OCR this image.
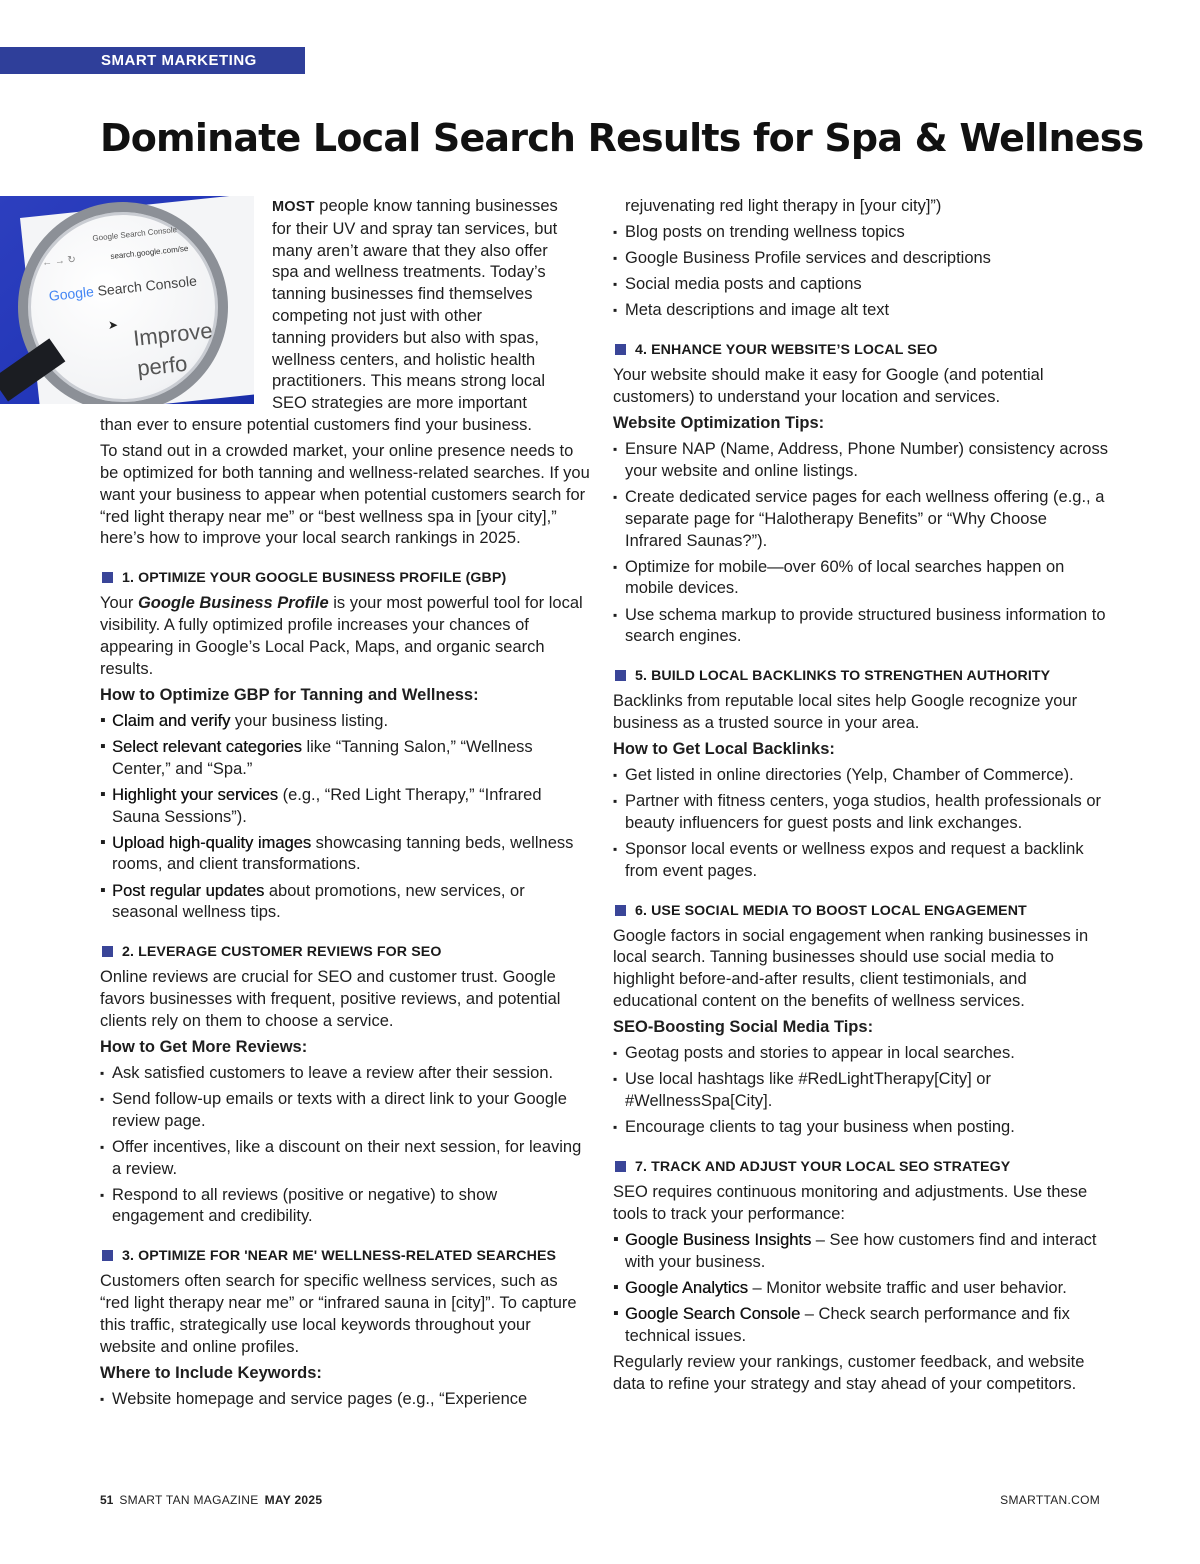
SMART MARKETING
Dominate Local Search Results for Spa & Wellness
Google Search Console
search.google.com/se
← → ↻
Google Search Console
➤ Improve
perfo
MOST people know tanning businesses
for their UV and spray tan services, but
many aren’t aware that they also offer
spa and wellness treatments. Today’s
tanning businesses find themselves
competing not just with other
tanning providers but also with spas,
wellness centers, and holistic health
practitioners. This means strong local
SEO strategies are more important
than ever to ensure potential customers find your business.
To stand out in a crowded market, your online presence needs to be optimized for both tanning and wellness-related searches. If you want your business to appear when potential customers search for “red light therapy near me” or “best wellness spa in [your city],” here’s how to improve your local search rankings in 2025.
1. OPTIMIZE YOUR GOOGLE BUSINESS PROFILE (GBP)
Your Google Business Profile is your most powerful tool for local visibility. A fully optimized profile increases your chances of appearing in Google’s Local Pack, Maps, and organic search results.
How to Optimize GBP for Tanning and Wellness:
▪ Claim and verify your business listing.
▪ Select relevant categories like “Tanning Salon,” “Wellness Center,” and “Spa.”
▪ Highlight your services (e.g., “Red Light Therapy,” “Infrared Sauna Sessions”).
▪ Upload high-quality images showcasing tanning beds, wellness rooms, and client transformations.
▪ Post regular updates about promotions, new services, or seasonal wellness tips.
2. LEVERAGE CUSTOMER REVIEWS FOR SEO
Online reviews are crucial for SEO and customer trust. Google favors businesses with frequent, positive reviews, and potential clients rely on them to choose a service.
How to Get More Reviews:
▪ Ask satisfied customers to leave a review after their session.
▪ Send follow-up emails or texts with a direct link to your Google review page.
▪ Offer incentives, like a discount on their next session, for leaving a review.
▪ Respond to all reviews (positive or negative) to show engagement and credibility.
3. OPTIMIZE FOR 'NEAR ME' WELLNESS-RELATED SEARCHES
Customers often search for specific wellness services, such as “red light therapy near me” or “infrared sauna in [city]”. To capture this traffic, strategically use local keywords throughout your website and online profiles.
Where to Include Keywords:
▪ Website homepage and service pages (e.g., “Experience
rejuvenating red light therapy in [your city]”)
▪ Blog posts on trending wellness topics
▪ Google Business Profile services and descriptions
▪ Social media posts and captions
▪ Meta descriptions and image alt text
4. ENHANCE YOUR WEBSITE’S LOCAL SEO
Your website should make it easy for Google (and potential customers) to understand your location and services.
Website Optimization Tips:
▪ Ensure NAP (Name, Address, Phone Number) consistency across your website and online listings.
▪ Create dedicated service pages for each wellness offering (e.g., a separate page for “Halotherapy Benefits” or “Why Choose Infrared Saunas?”).
▪ Optimize for mobile—over 60% of local searches happen on mobile devices.
▪ Use schema markup to provide structured business information to search engines.
5. BUILD LOCAL BACKLINKS TO STRENGTHEN AUTHORITY
Backlinks from reputable local sites help Google recognize your business as a trusted source in your area.
How to Get Local Backlinks:
▪ Get listed in online directories (Yelp, Chamber of Commerce).
▪ Partner with fitness centers, yoga studios, health professionals or beauty influencers for guest posts and link exchanges.
▪ Sponsor local events or wellness expos and request a backlink from event pages.
6. USE SOCIAL MEDIA TO BOOST LOCAL ENGAGEMENT
Google factors in social engagement when ranking businesses in local search. Tanning businesses should use social media to highlight before-and-after results, client testimonials, and educational content on the benefits of wellness services.
SEO-Boosting Social Media Tips:
▪ Geotag posts and stories to appear in local searches.
▪ Use local hashtags like #RedLightTherapy[City] or #WellnessSpa[City].
▪ Encourage clients to tag your business when posting.
7. TRACK AND ADJUST YOUR LOCAL SEO STRATEGY
SEO requires continuous monitoring and adjustments. Use these tools to track your performance:
▪ Google Business Insights – See how customers find and interact with your business.
▪ Google Analytics – Monitor website traffic and user behavior.
▪ Google Search Console – Check search performance and fix technical issues.
Regularly review your rankings, customer feedback, and website data to refine your strategy and stay ahead of your competitors.
51 SMART TAN MAGAZINE MAY 2025	SMARTTAN.COM
